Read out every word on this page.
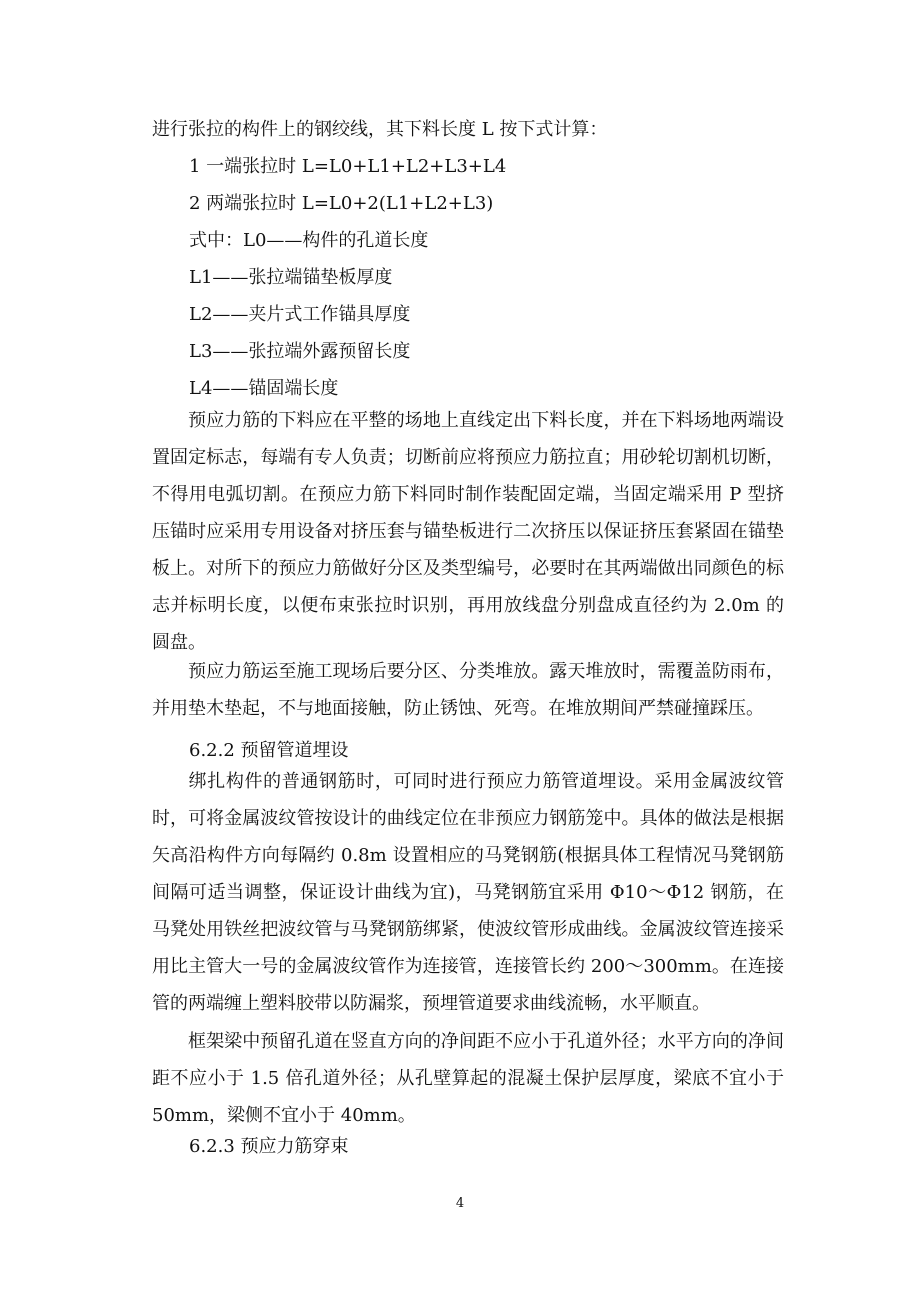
进行张拉的构件上的钢绞线，其下料长度 L 按下式计算：
1 一端张拉时 L=L0+L1+L2+L3+L4
2 两端张拉时 L=L0+2(L1+L2+L3)
式中：L0——构件的孔道长度
L1——张拉端锚垫板厚度
L2——夹片式工作锚具厚度
L3——张拉端外露预留长度
L4——锚固端长度

预应力筋的下料应在平整的场地上直线定出下料长度，并在下料场地两端设置固定标志，每端有专人负责；切断前应将预应力筋拉直；用砂轮切割机切断，不得用电弧切割。在预应力筋下料同时制作装配固定端，当固定端采用 P 型挤压锚时应采用专用设备对挤压套与锚垫板进行二次挤压以保证挤压套紧固在锚垫板上。对所下的预应力筋做好分区及类型编号，必要时在其两端做出同颜色的标志并标明长度，以便布束张拉时识别，再用放线盘分别盘成直径约为 2.0m 的圆盘。

预应力筋运至施工现场后要分区、分类堆放。露天堆放时，需覆盖防雨布，并用垫木垫起，不与地面接触，防止锈蚀、死弯。在堆放期间严禁碰撞踩压。

6.2.2 预留管道埋设

绑扎构件的普通钢筋时，可同时进行预应力筋管道埋设。采用金属波纹管时，可将金属波纹管按设计的曲线定位在非预应力钢筋笼中。具体的做法是根据矢高沿构件方向每隔约 0.8m 设置相应的马凳钢筋(根据具体工程情况马凳钢筋间隔可适当调整，保证设计曲线为宜)，马凳钢筋宜采用 Φ10～Φ12 钢筋，在马凳处用铁丝把波纹管与马凳钢筋绑紧，使波纹管形成曲线。金属波纹管连接采用比主管大一号的金属波纹管作为连接管，连接管长约 200～300mm。在连接管的两端缠上塑料胶带以防漏浆，预埋管道要求曲线流畅，水平顺直。

框架梁中预留孔道在竖直方向的净间距不应小于孔道外径；水平方向的净间距不应小于 1.5 倍孔道外径；从孔壁算起的混凝土保护层厚度，梁底不宜小于 50mm，梁侧不宜小于 40mm。

6.2.3 预应力筋穿束
4
